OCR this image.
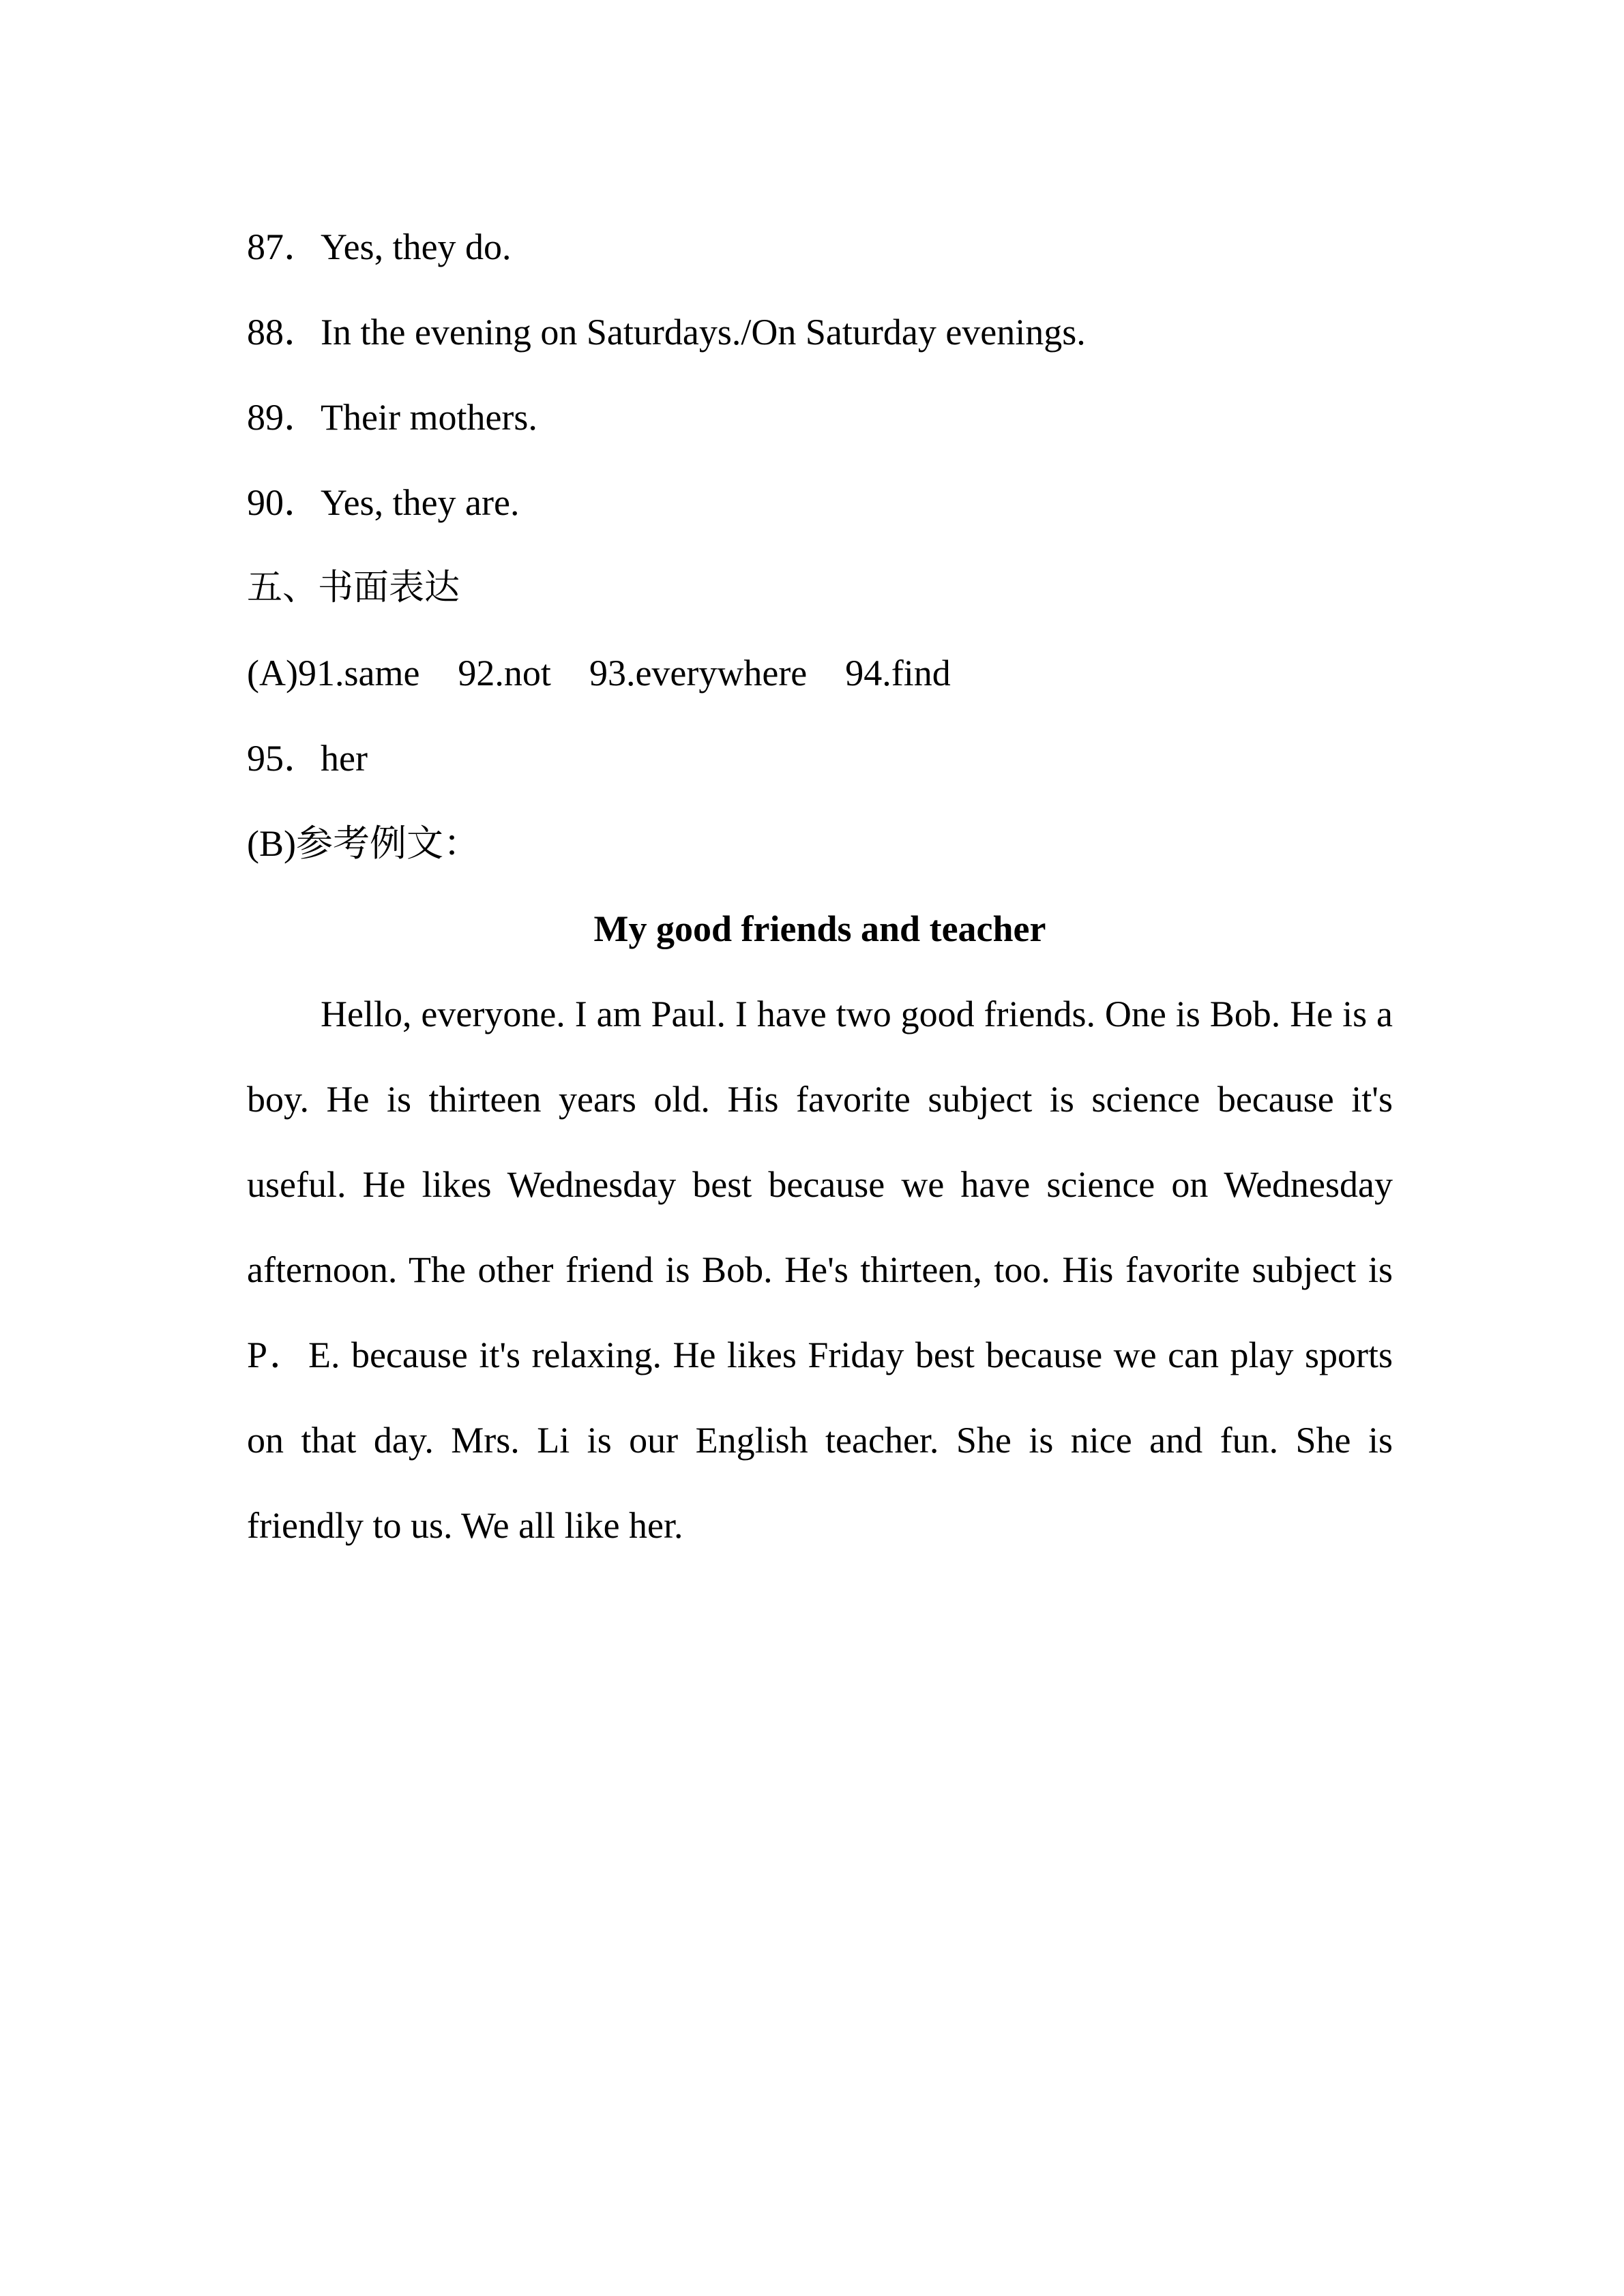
87．Yes, they do.
88．In the evening on Saturdays./On Saturday evenings.
89．Their mothers.
90．Yes, they are.
五、书面表达
(A)91.same 92.not 93.everywhere 94.find
95．her
(B)参考例文：
My good friends and teacher
Hello, everyone. I am Paul. I have two good friends. One is Bob. He is a boy. He is thirteen years old. His favorite subject is science because it's useful. He likes Wednesday best because we have science on Wednesday afternoon. The other friend is Bob. He's thirteen, too. His favorite subject is P．E. because it's relaxing. He likes Friday best because we can play sports on that day. Mrs. Li is our English teacher. She is nice and fun. She is friendly to us. We all like her.
